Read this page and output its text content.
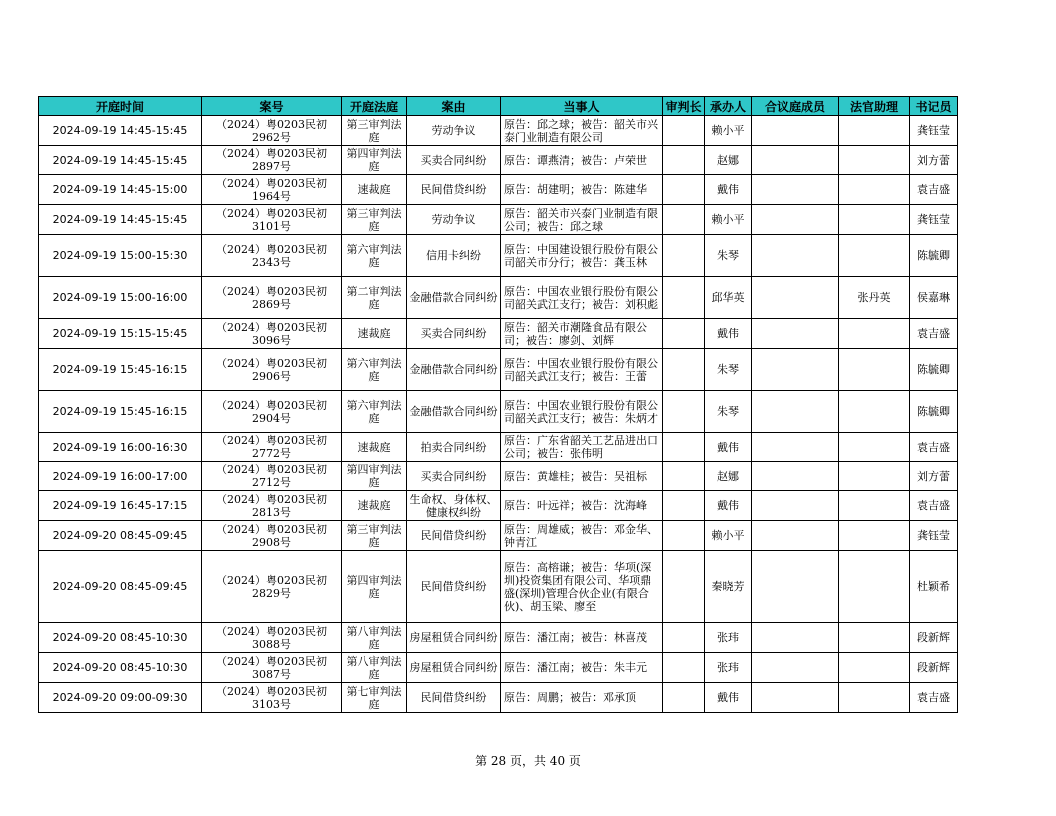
开庭时间	案号	开庭法庭	案由	当事人	审判长	承办人	合议庭成员	法官助理	书记员
2024-09-19 14:45-15:45	（2024）粤0203民初2962号	第三审判法庭	劳动争议	原告：邱之球；被告：韶关市兴泰门业制造有限公司		赖小平			龚钰莹
2024-09-19 14:45-15:45	（2024）粤0203民初2897号	第四审判法庭	买卖合同纠纷	原告：谭燕清；被告：卢荣世		赵娜			刘方蕾
2024-09-19 14:45-15:00	（2024）粤0203民初1964号	速裁庭	民间借贷纠纷	原告：胡建明；被告：陈建华		戴伟			袁吉盛
2024-09-19 14:45-15:45	（2024）粤0203民初3101号	第三审判法庭	劳动争议	原告：韶关市兴泰门业制造有限公司；被告：邱之球		赖小平			龚钰莹
2024-09-19 15:00-15:30	（2024）粤0203民初2343号	第六审判法庭	信用卡纠纷	原告：中国建设银行股份有限公司韶关市分行；被告：龚玉林		朱琴			陈毓卿
2024-09-19 15:00-16:00	（2024）粤0203民初2869号	第二审判法庭	金融借款合同纠纷	原告：中国农业银行股份有限公司韶关武江支行；被告：刘积彪		邱华英		张丹英	侯嘉琳
2024-09-19 15:15-15:45	（2024）粤0203民初3096号	速裁庭	买卖合同纠纷	原告：韶关市潮隆食品有限公司；被告：廖剑、刘辉		戴伟			袁吉盛
2024-09-19 15:45-16:15	（2024）粤0203民初2906号	第六审判法庭	金融借款合同纠纷	原告：中国农业银行股份有限公司韶关武江支行；被告：王蕾		朱琴			陈毓卿
2024-09-19 15:45-16:15	（2024）粤0203民初2904号	第六审判法庭	金融借款合同纠纷	原告：中国农业银行股份有限公司韶关武江支行；被告：朱炳才		朱琴			陈毓卿
2024-09-19 16:00-16:30	（2024）粤0203民初2772号	速裁庭	拍卖合同纠纷	原告：广东省韶关工艺品进出口公司；被告：张伟明		戴伟			袁吉盛
2024-09-19 16:00-17:00	（2024）粤0203民初2712号	第四审判法庭	买卖合同纠纷	原告：黄雄桂；被告：吴祖标		赵娜			刘方蕾
2024-09-19 16:45-17:15	（2024）粤0203民初2813号	速裁庭	生命权、身体权、健康权纠纷	原告：叶远祥；被告：沈海峰		戴伟			袁吉盛
2024-09-20 08:45-09:45	（2024）粤0203民初2908号	第三审判法庭	民间借贷纠纷	原告：周雄威；被告：邓金华、钟青江		赖小平			龚钰莹
2024-09-20 08:45-09:45	（2024）粤0203民初2829号	第四审判法庭	民间借贷纠纷	原告：高榕谦；被告：华项(深圳)投资集团有限公司、华项鼎盛(深圳)管理合伙企业(有限合伙)、胡玉梁、廖至		秦晓芳			杜颖希
2024-09-20 08:45-10:30	（2024）粤0203民初3088号	第八审判法庭	房屋租赁合同纠纷	原告：潘江南；被告：林喜茂		张玮			段新辉
2024-09-20 08:45-10:30	（2024）粤0203民初3087号	第八审判法庭	房屋租赁合同纠纷	原告：潘江南；被告：朱丰元		张玮			段新辉
2024-09-20 09:00-09:30	（2024）粤0203民初3103号	第七审判法庭	民间借贷纠纷	原告：周鹏；被告：邓承顶		戴伟			袁吉盛
第 28 页，共 40 页
